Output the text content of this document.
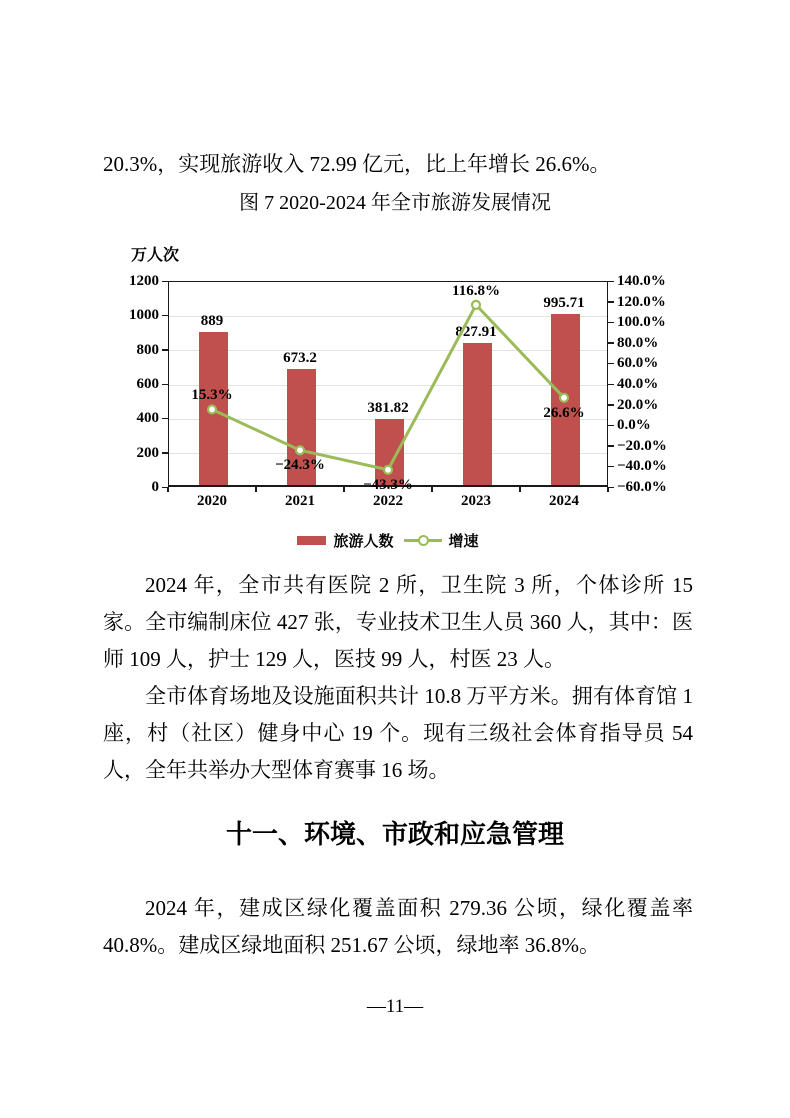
20.3%，实现旅游收入 72.99 亿元，比上年增长 26.6%。

图 7 2020-2024 年全市旅游发展情况
万人次
旅游人数	增速
0
200
400
600
800
1000
1200
−60.0%
−40.0%
−20.0%
0.0%
20.0%
40.0%
60.0%
80.0%
100.0%
120.0%
140.0%
2020	2021	2022	2023	2024
889
673.2
381.82
827.91
995.71
15.3%
−24.3%
−43.3%
116.8%
26.6%

2024 年，全市共有医院 2 所，卫生院 3 所，个体诊所 15 家。全市编制床位 427 张，专业技术卫生人员 360 人，其中：医师 109 人，护士 129 人，医技 99 人，村医 23 人。

全市体育场地及设施面积共计 10.8 万平方米。拥有体育馆 1 座，村（社区）健身中心 19 个。现有三级社会体育指导员 54 人，全年共举办大型体育赛事 16 场。

十一、环境、市政和应急管理

2024 年，建成区绿化覆盖面积 279.36 公顷，绿化覆盖率 40.8%。建成区绿地面积 251.67 公顷，绿地率 36.8%。

—11—
